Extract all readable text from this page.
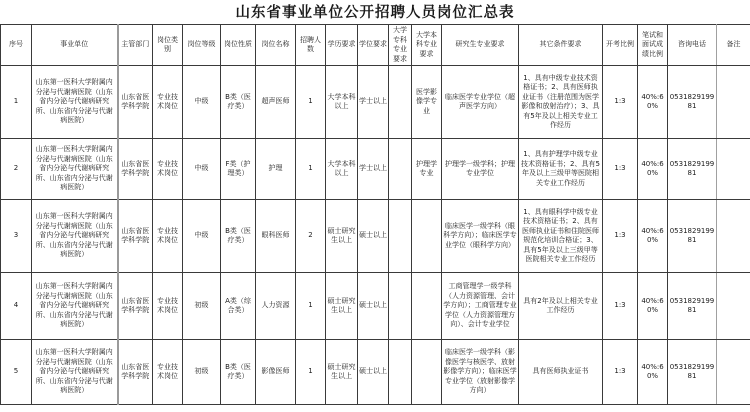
山东省事业单位公开招聘人员岗位汇总表
序号	事业单位	主管部门	岗位类别	岗位等级	岗位性质	岗位名称	招聘人数	学历要求	学位要求	大学专科专业要求	大学本科专业要求	研究生专业要求	其它条件要求	开考比例	笔试和面试成绩比例	咨询电话	备注
1	山东第一医科大学附属内分泌与代谢病医院（山东省内分泌与代谢病研究所、山东省内分泌与代谢病医院）	山东省医学科学院	专业技术岗位	中级	B类（医疗类）	超声医师	1	大学本科以上	学士以上		医学影像学专业	临床医学专业学位（超声医学方向）	1、具有中级专业技术资格证书；2、具有医师执业证书（注册范围为医学影像和放射治疗）；3、具有5年及以上相关专业工作经历	1:3	40%:60%	053182919981	
2	山东第一医科大学附属内分泌与代谢病医院（山东省内分泌与代谢病研究所、山东省内分泌与代谢病医院）	山东省医学科学院	专业技术岗位	中级	F类（护理类）	护理	1	大学本科以上	学士以上		护理学专业	护理学一级学科；护理专业学位	1、具有护理学中级专业技术资格证书；2、具有5年及以上三级甲等医院相关专业工作经历	1:3	40%:60%	053182919981	
3	山东第一医科大学附属内分泌与代谢病医院（山东省内分泌与代谢病研究所、山东省内分泌与代谢病医院）	山东省医学科学院	专业技术岗位	中级	B类（医疗类）	眼科医师	2	硕士研究生以上	硕士以上			临床医学一级学科（眼科学方向）；临床医学专业学位（眼科学方向）	1、具有眼科学中级专业技术资格证书；2、具有医师执业证书和住院医师规范化培训合格证；3、具有5年及以上三级甲等医院相关专业工作经历	1:3	40%:60%	053182919981	
4	山东第一医科大学附属内分泌与代谢病医院（山东省内分泌与代谢病研究所、山东省内分泌与代谢病医院）	山东省医学科学院	专业技术岗位	初级	A类（综合类）	人力资源	1	硕士研究生以上	硕士以上			工商管理学一级学科（人力资源管理、会计学方向）；工商管理专业学位（人力资源管理方向）、会计专业学位	具有2年及以上相关专业工作经历	1:3	40%:60%	053182919981	
5	山东第一医科大学附属内分泌与代谢病医院（山东省内分泌与代谢病研究所、山东省内分泌与代谢病医院）	山东省医学科学院	专业技术岗位	初级	B类（医疗类）	影像医师	1	硕士研究生以上	硕士以上			临床医学一级学科（影像医学与核医学、放射影像学方向）；临床医学专业学位（放射影像学方向）	具有医师执业证书	1:3	40%:60%	053182919981	
